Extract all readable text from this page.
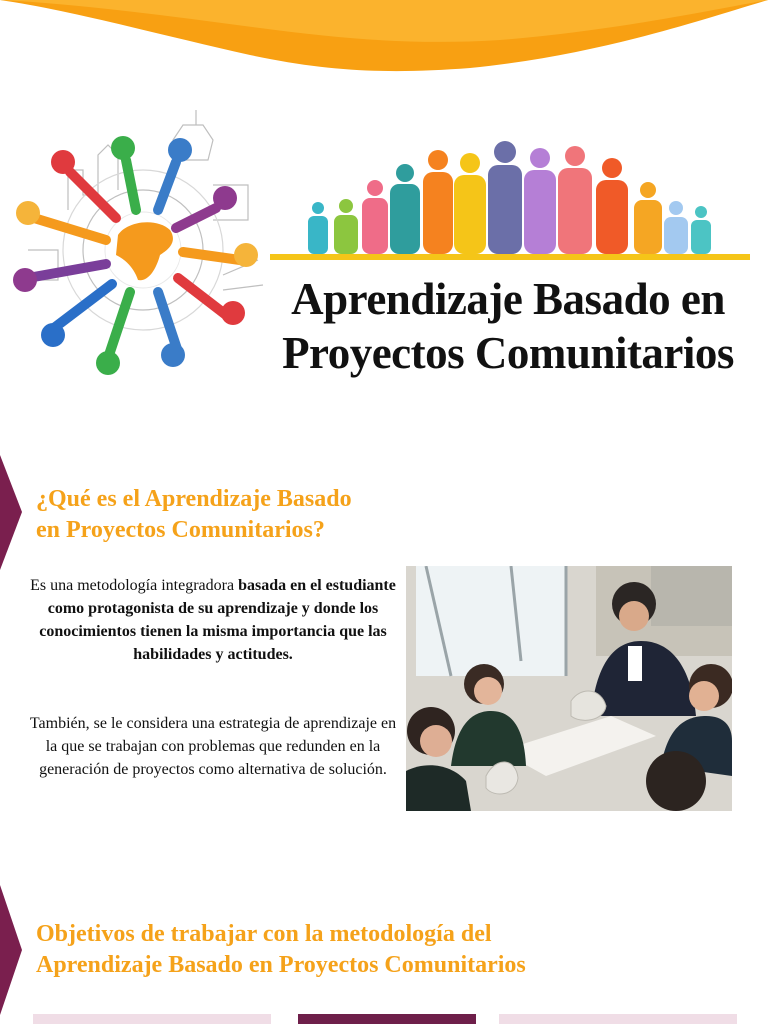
Aprendizaje Basado en
Proyectos Comunitarios
¿Qué es el Aprendizaje Basado
en Proyectos Comunitarios?

Es una metodología integradora basada en el estudiante como protagonista de su aprendizaje y donde los conocimientos tienen la misma importancia que las habilidades y actitudes.

También, se le considera una estrategia de aprendizaje en la que se trabajan con problemas que redunden en la generación de proyectos como alternativa de solución.

Objetivos de trabajar con la metodología del
Aprendizaje Basado en Proyectos Comunitarios
